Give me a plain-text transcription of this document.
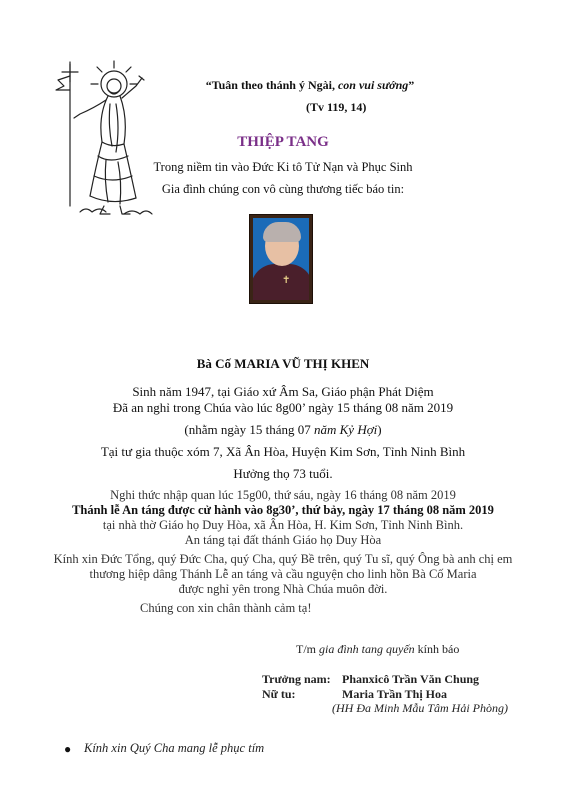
“Tuân theo thánh ý Ngài, con vui sướng”
(Tv 119, 14)
THIỆP TANG
Trong niềm tin vào Đức Ki tô Tử Nạn và Phục Sinh
Gia đình chúng con vô cùng thương tiếc báo tin:
✝
Bà Cố MARIA VŨ THỊ KHEN
Sinh năm 1947, tại Giáo xứ Âm Sa, Giáo phận Phát Diệm
Đã an nghỉ trong Chúa vào lúc 8g00’ ngày 15 tháng 08 năm 2019
(nhằm ngày 15 tháng 07 năm Kỷ Hợi)
Tại tư gia thuộc xóm 7, Xã Ân Hòa, Huyện Kim Sơn, Tỉnh Ninh Bình
Hưởng thọ 73 tuổi.
Nghi thức nhập quan lúc 15g00, thứ sáu, ngày 16 tháng 08 năm 2019
Thánh lễ An táng được cử hành vào 8g30’, thứ bảy, ngày 17 tháng 08 năm 2019
tại nhà thờ Giáo họ Duy Hòa, xã Ân Hòa, H. Kim Sơn, Tỉnh Ninh Bình.
An táng tại đất thánh Giáo họ Duy Hòa
Kính xin Đức Tổng, quý Đức Cha, quý Cha, quý Bề trên, quý Tu sĩ, quý Ông bà anh chị em
thương hiệp dâng Thánh Lễ an táng và cầu nguyện cho linh hồn Bà Cố Maria
được nghỉ yên trong Nhà Chúa muôn đời.
Chúng con xin chân thành cảm tạ!
T/m gia đình tang quyến kính báo
Trưởng nam: Phanxicô Trần Văn Chung
Nữ tu:	Maria Trần Thị Hoa
(HH Đa Minh Mẫu Tâm Hải Phòng)
● Kính xin Quý Cha mang lễ phục tím
